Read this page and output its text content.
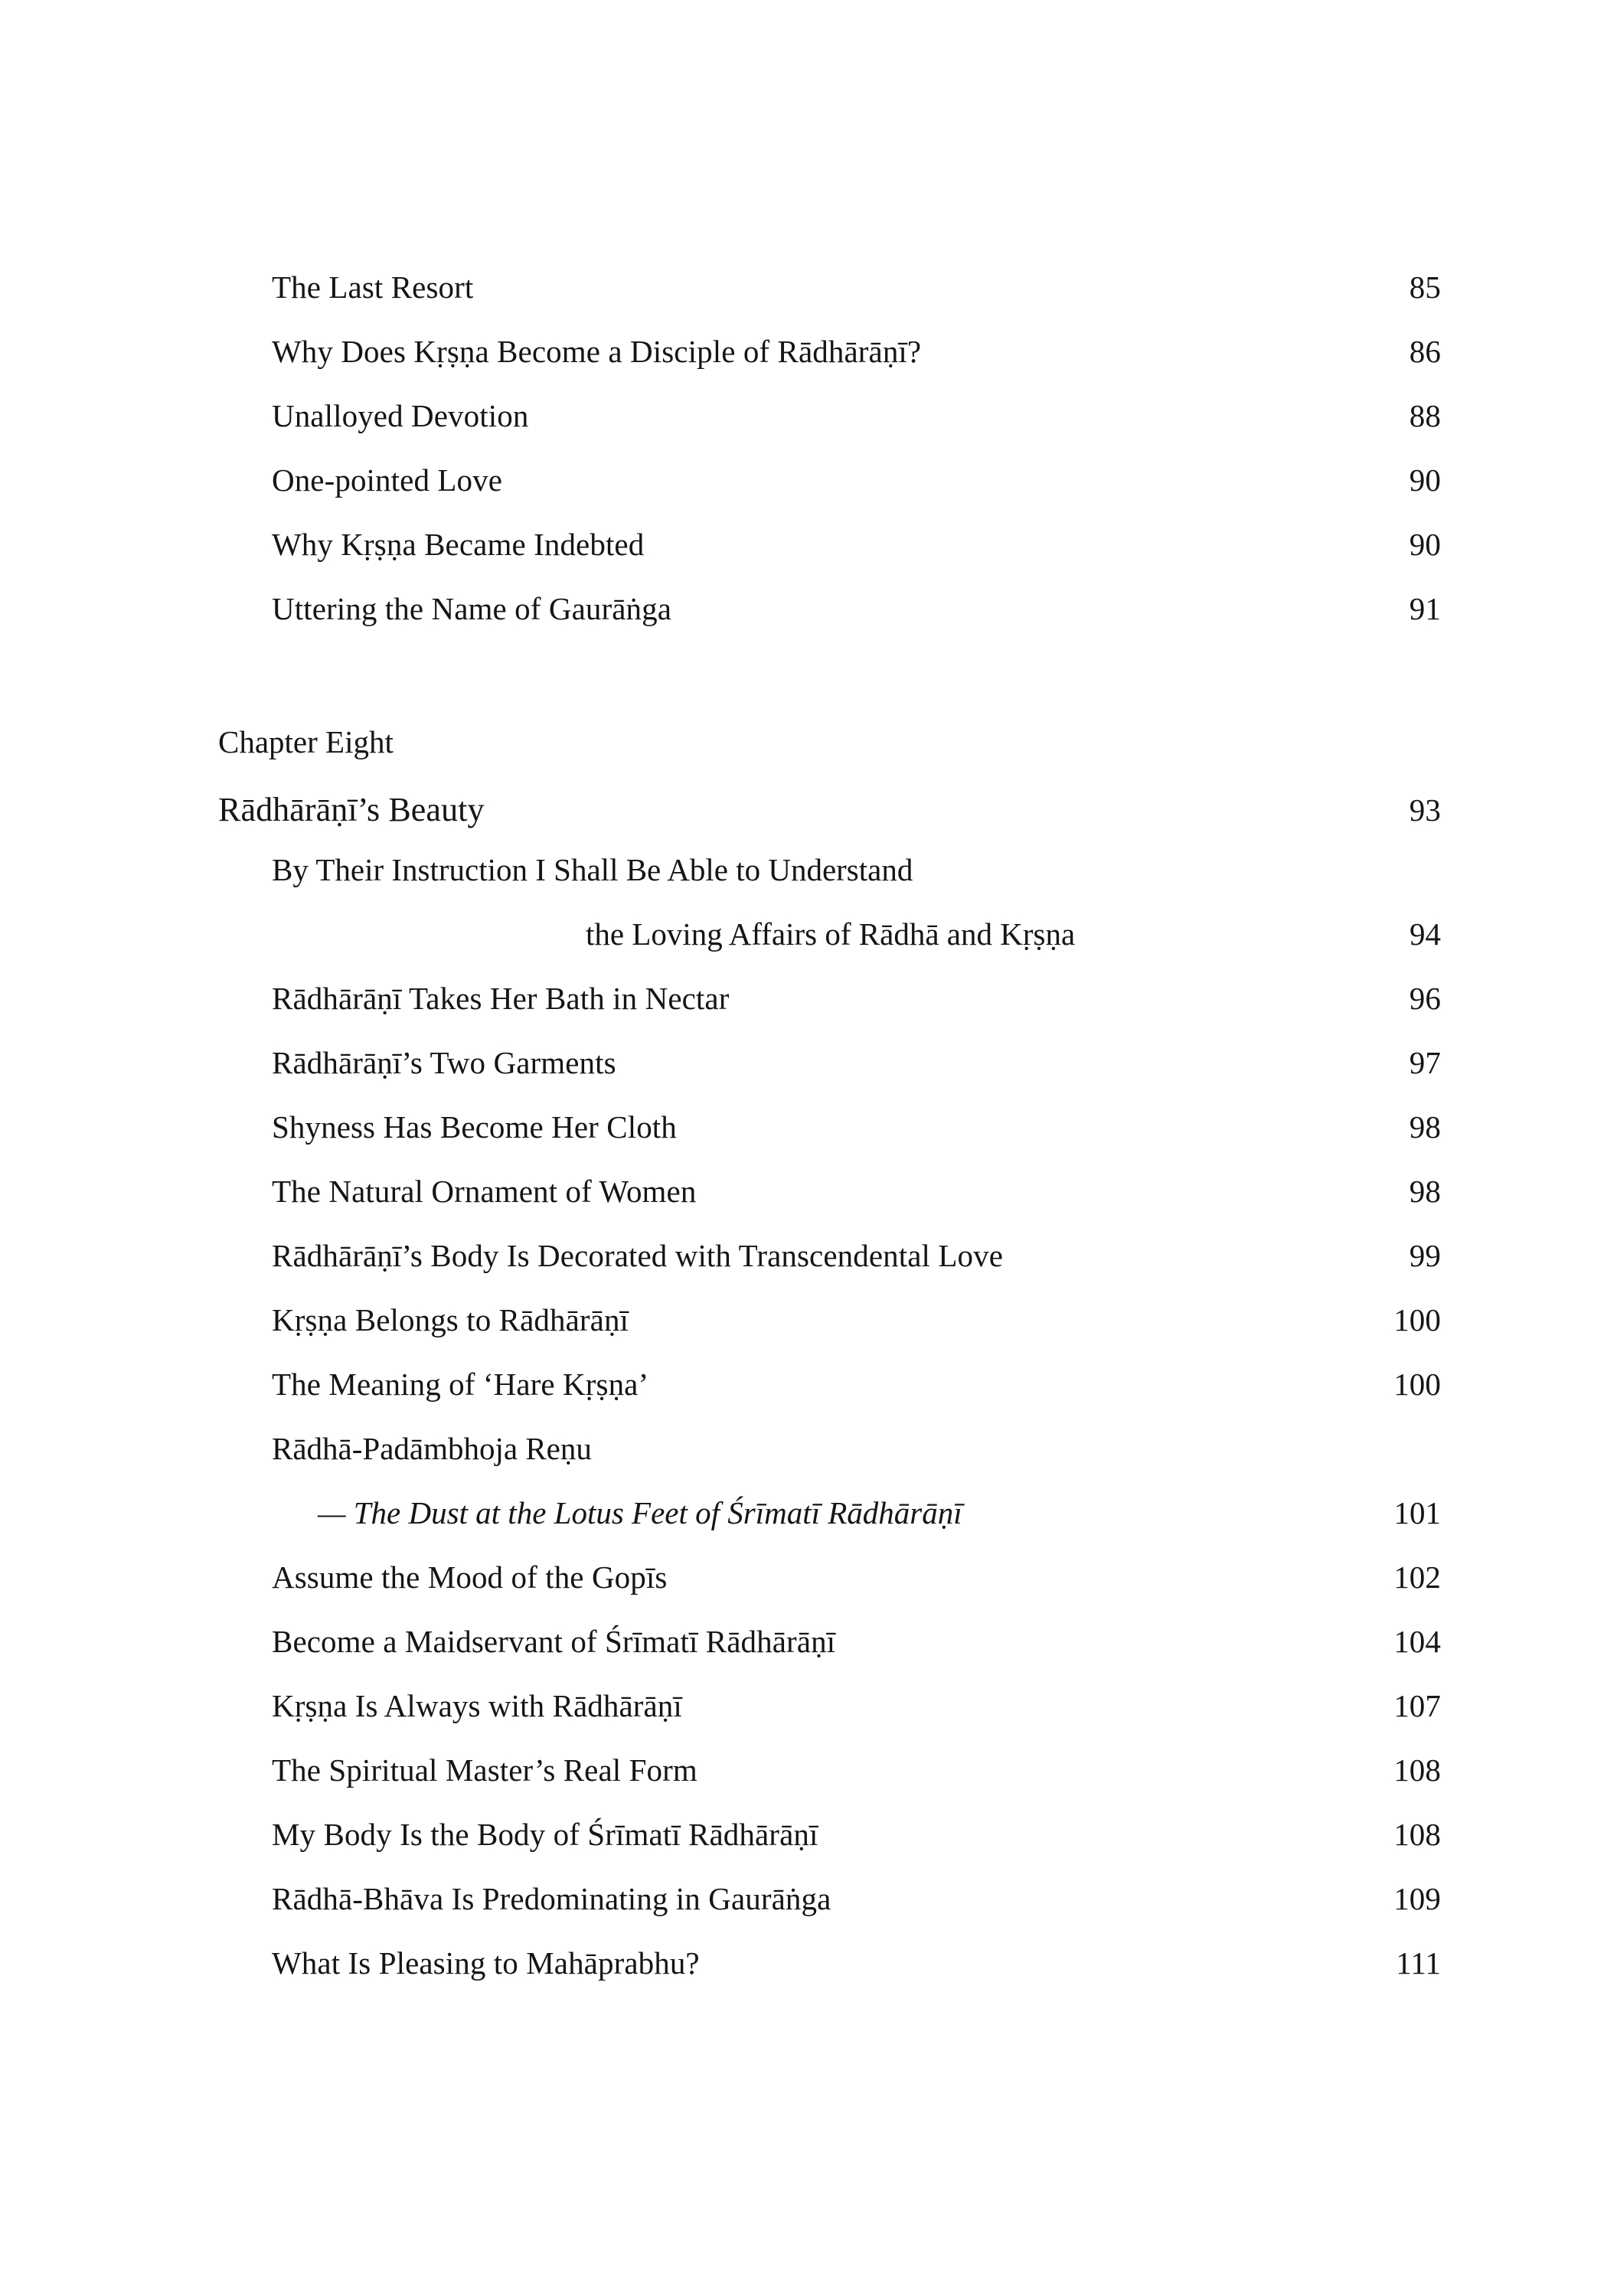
The Last Resort	85
Why Does Kṛṣṇa Become a Disciple of Rādhārāṇī?	86
Unalloyed Devotion	88
One-pointed Love	90
Why Kṛṣṇa Became Indebted	90
Uttering the Name of Gaurāṅga	91
Chapter Eight
Rādhārāṇī’s Beauty	93
By Their Instruction I Shall Be Able to Understand
the Loving Affairs of Rādhā and Kṛṣṇa	94
Rādhārāṇī Takes Her Bath in Nectar	96
Rādhārāṇī’s Two Garments	97
Shyness Has Become Her Cloth	98
The Natural Ornament of Women	98
Rādhārāṇī’s Body Is Decorated with Transcendental Love	99
Kṛṣṇa Belongs to Rādhārāṇī	100
The Meaning of ‘Hare Kṛṣṇa’	100
Rādhā-Padāmbhoja Reṇu
— The Dust at the Lotus Feet of Śrīmatī Rādhārāṇī	101
Assume the Mood of the Gopīs	102
Become a Maidservant of Śrīmatī Rādhārāṇī	104
Kṛṣṇa Is Always with Rādhārāṇī	107
The Spiritual Master’s Real Form	108
My Body Is the Body of Śrīmatī Rādhārāṇī	108
Rādhā-Bhāva Is Predominating in Gaurāṅga	109
What Is Pleasing to Mahāprabhu?	111
